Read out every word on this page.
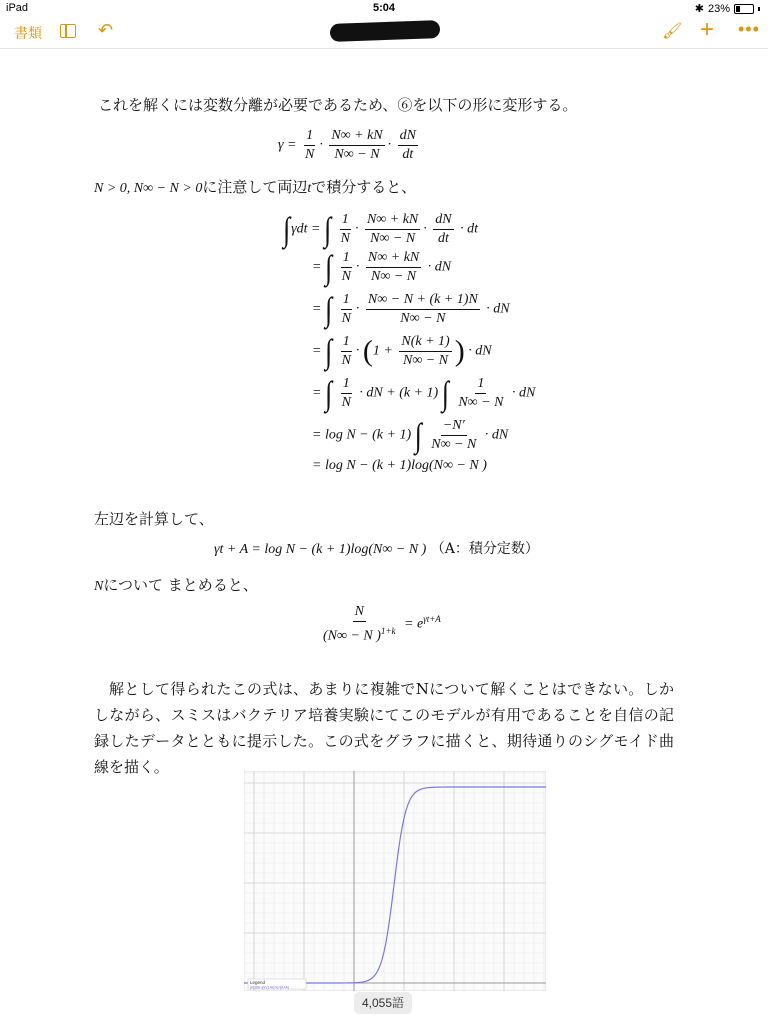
iPad	5:04	✱ 23%
書類	↶	🖌︎ + •••
これを解くには変数分離が必要であるため、⑥を以下の形に変形する。
$\gamma = \frac{1}{N} \cdot \frac{N\infty + kN}{N\infty - N} \cdot \frac{dN}{dt}$
N > 0, N∞ − N > 0に注意して両辺tで積分すると、
∫γdt = ∫ $\frac{1}{N} \cdot \frac{N\infty + kN}{N\infty - N} \cdot \frac{dN}{dt}$ · dt
= ∫ $\frac{1}{N} \cdot \frac{N\infty + kN}{N\infty - N}$ · dN
= ∫ $\frac{1}{N} \cdot \frac{N\infty - N + (k + 1)N}{N\infty - N}$ · dN
= ∫ $\frac{1}{N} \cdot (1 + \frac{N(k + 1)}{N\infty - N}$ ) · dN
= ∫ $\frac{1}{N}$ · dN + (k + 1) ∫ $\frac{1}{N\infty - N}$ · dN
= log N − (k + 1) ∫ $\frac{-N'}{N\infty - N}$ · dN
= log N − (k + 1)log(N∞ − N )
左辺を計算して、
γt + A = log N − (k + 1)log(N∞ − N ) （A：積分定数）
Nについて まとめると、
$\frac{N}{(N\infty - N )^{1+k}} = e^{\gamma t+A}$
解として得られたこの式は、あまりに複雑でNについて解くことはできない。しかしながら、スミスはバクテリア培養実験にてこのモデルが有用であることを自信の記録したデータとともに提示した。この式をグラフに描くと、期待通りのシグモイド曲線を描く。
Legend
y/(300−y)^(1+k)=e^(rt+A)
4,055語
